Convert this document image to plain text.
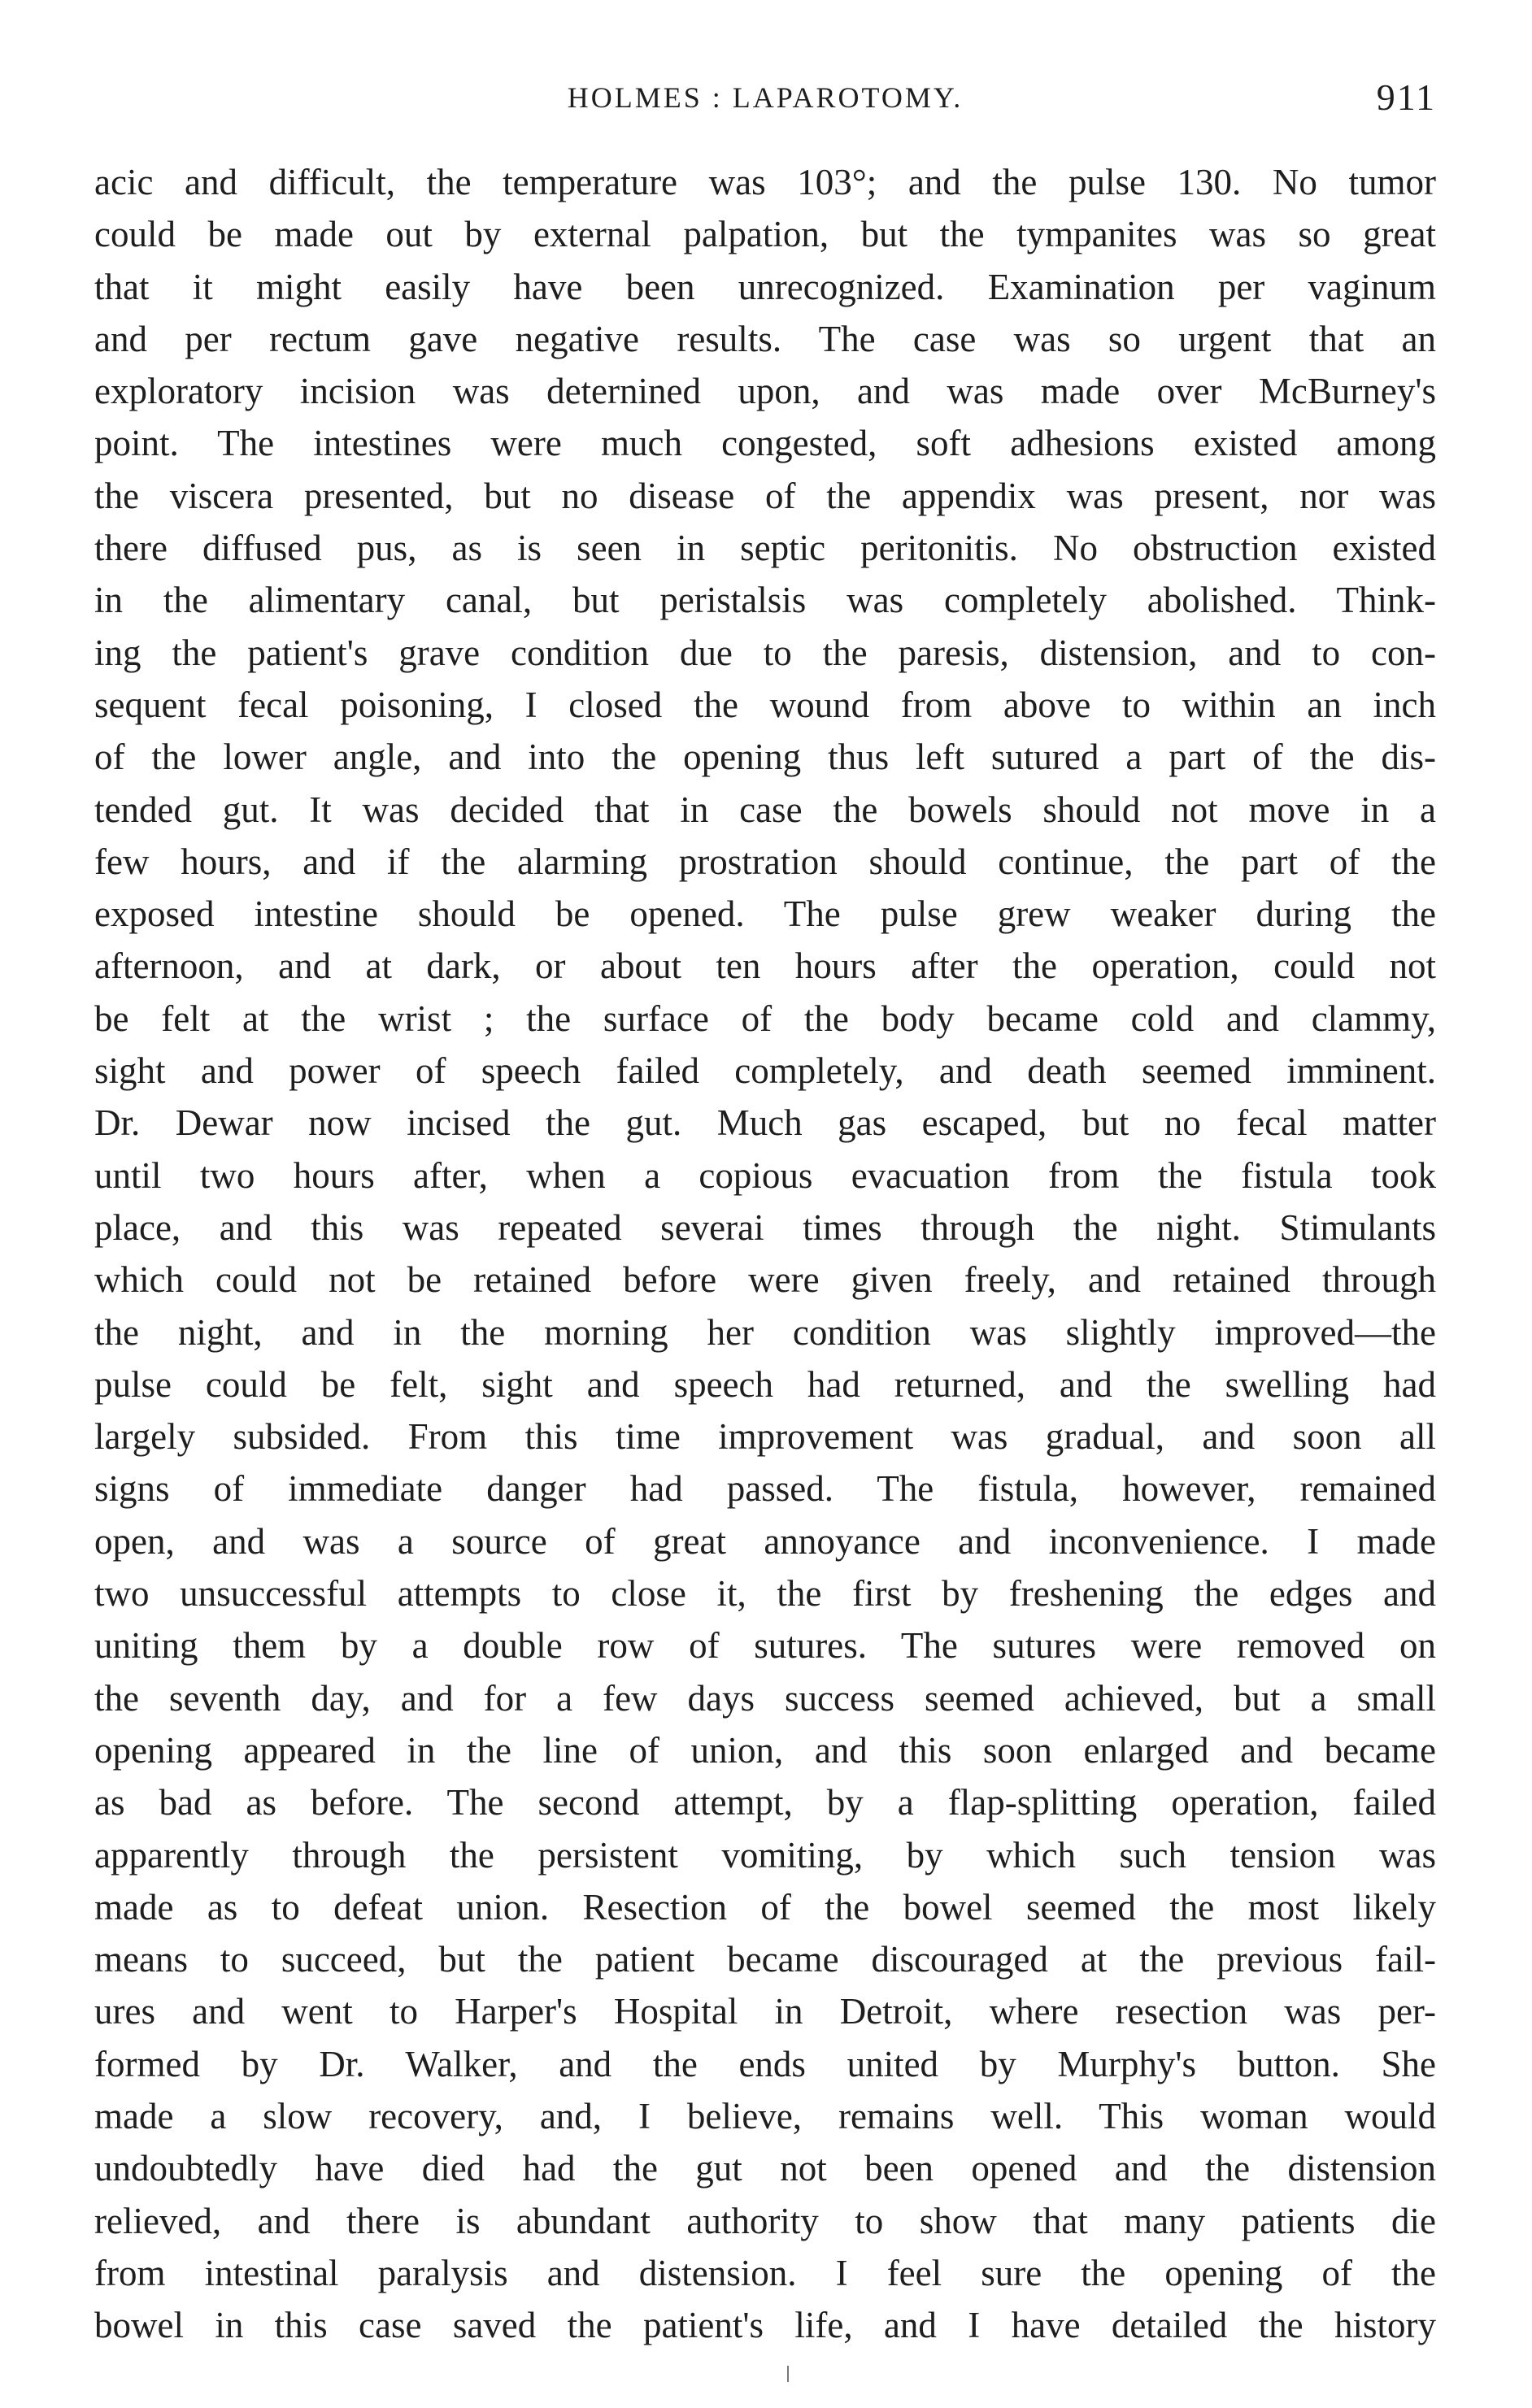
HOLMES : LAPAROTOMY.	911
acic and difficult, the temperature was 103°; and the pulse 130. No tumor
could be made out by external palpation, but the tympanites was so great
that it might easily have been unrecognized. Examination per vaginum
and per rectum gave negative results. The case was so urgent that an
exploratory incision was deternined upon, and was made over McBurney's
point. The intestines were much congested, soft adhesions existed among
the viscera presented, but no disease of the appendix was present, nor was
there diffused pus, as is seen in septic peritonitis. No obstruction existed
in the alimentary canal, but peristalsis was completely abolished. Think-
ing the patient's grave condition due to the paresis, distension, and to con-
sequent fecal poisoning, I closed the wound from above to within an inch
of the lower angle, and into the opening thus left sutured a part of the dis-
tended gut. It was decided that in case the bowels should not move in a
few hours, and if the alarming prostration should continue, the part of the
exposed intestine should be opened. The pulse grew weaker during the
afternoon, and at dark, or about ten hours after the operation, could not
be felt at the wrist ; the surface of the body became cold and clammy,
sight and power of speech failed completely, and death seemed imminent.
Dr. Dewar now incised the gut. Much gas escaped, but no fecal matter
until two hours after, when a copious evacuation from the fistula took
place, and this was repeated severai times through the night. Stimulants
which could not be retained before were given freely, and retained through
the night, and in the morning her condition was slightly improved—the
pulse could be felt, sight and speech had returned, and the swelling had
largely subsided. From this time improvement was gradual, and soon all
signs of immediate danger had passed. The fistula, however, remained
open, and was a source of great annoyance and inconvenience. I made
two unsuccessful attempts to close it, the first by freshening the edges and
uniting them by a double row of sutures. The sutures were removed on
the seventh day, and for a few days success seemed achieved, but a small
opening appeared in the line of union, and this soon enlarged and became
as bad as before. The second attempt, by a flap-splitting operation, failed
apparently through the persistent vomiting, by which such tension was
made as to defeat union. Resection of the bowel seemed the most likely
means to succeed, but the patient became discouraged at the previous fail-
ures and went to Harper's Hospital in Detroit, where resection was per-
formed by Dr. Walker, and the ends united by Murphy's button. She
made a slow recovery, and, I believe, remains well. This woman would
undoubtedly have died had the gut not been opened and the distension
relieved, and there is abundant authority to show that many patients die
from intestinal paralysis and distension. I feel sure the opening of the
bowel in this case saved the patient's life, and I have detailed the history
